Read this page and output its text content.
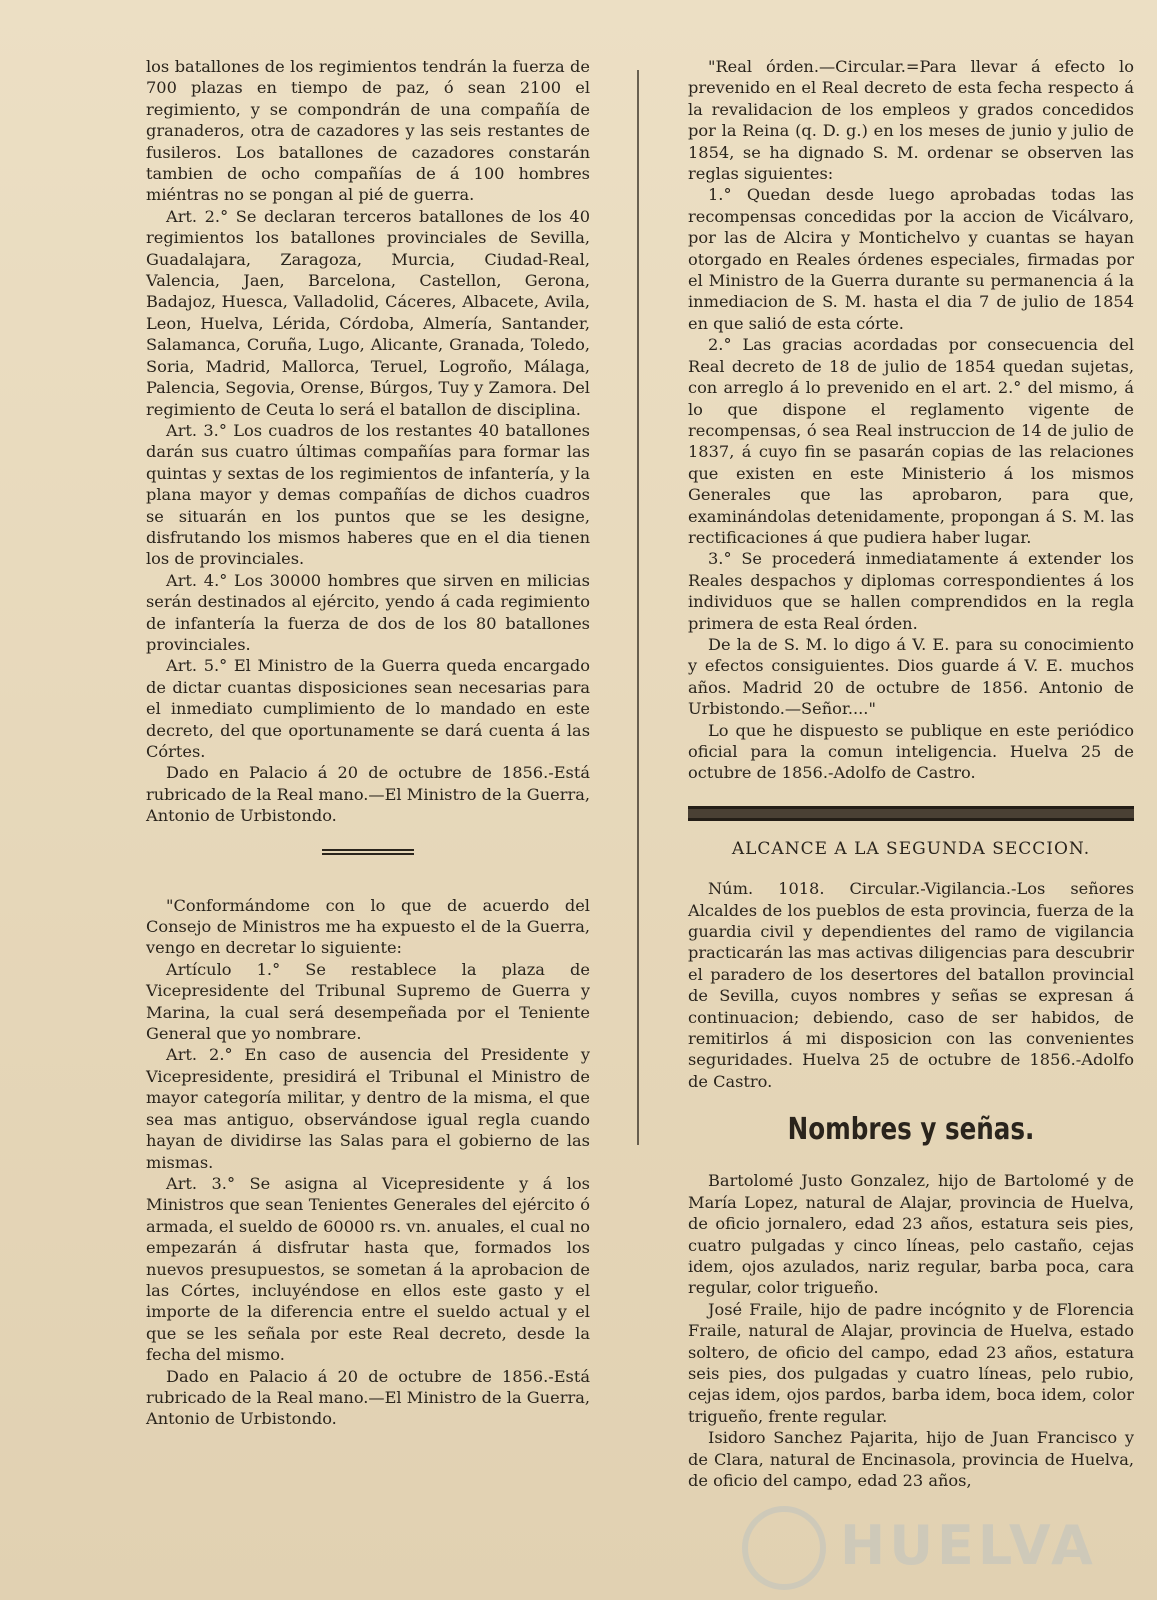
los batallones de los regimientos tendrán la fuerza de 700 plazas en tiempo de paz, ó sean 2100 el regimiento, y se compondrán de una compañía de granaderos, otra de cazadores y las seis restantes de fusileros. Los batallones de cazadores constarán tambien de ocho compañías de á 100 hombres miéntras no se pongan al pié de guerra.

Art. 2.° Se declaran terceros batallones de los 40 regimientos los batallones provinciales de Sevilla, Guadalajara, Zaragoza, Murcia, Ciudad-Real, Valencia, Jaen, Barcelona, Castellon, Gerona, Badajoz, Huesca, Valladolid, Cáceres, Albacete, Avila, Leon, Huelva, Lérida, Córdoba, Almería, Santander, Salamanca, Coruña, Lugo, Alicante, Granada, Toledo, Soria, Madrid, Mallorca, Teruel, Logroño, Málaga, Palencia, Segovia, Orense, Búrgos, Tuy y Zamora. Del regimiento de Ceuta lo será el batallon de disciplina.

Art. 3.° Los cuadros de los restantes 40 batallones darán sus cuatro últimas compañías para formar las quintas y sextas de los regimientos de infantería, y la plana mayor y demas compañías de dichos cuadros se situarán en los puntos que se les designe, disfrutando los mismos haberes que en el dia tienen los de provinciales.

Art. 4.° Los 30000 hombres que sirven en milicias serán destinados al ejército, yendo á cada regimiento de infantería la fuerza de dos de los 80 batallones provinciales.

Art. 5.° El Ministro de la Guerra queda encargado de dictar cuantas disposiciones sean necesarias para el inmediato cumplimiento de lo mandado en este decreto, del que oportunamente se dará cuenta á las Córtes.

Dado en Palacio á 20 de octubre de 1856.-Está rubricado de la Real mano.—El Ministro de la Guerra, Antonio de Urbistondo.

"Conformándome con lo que de acuerdo del Consejo de Ministros me ha expuesto el de la Guerra, vengo en decretar lo siguiente:

Artículo 1.° Se restablece la plaza de Vicepresidente del Tribunal Supremo de Guerra y Marina, la cual será desempeñada por el Teniente General que yo nombrare.

Art. 2.° En caso de ausencia del Presidente y Vicepresidente, presidirá el Tribunal el Ministro de mayor categoría militar, y dentro de la misma, el que sea mas antiguo, observándose igual regla cuando hayan de dividirse las Salas para el gobierno de las mismas.

Art. 3.° Se asigna al Vicepresidente y á los Ministros que sean Tenientes Generales del ejército ó armada, el sueldo de 60000 rs. vn. anuales, el cual no empezarán á disfrutar hasta que, formados los nuevos presupuestos, se sometan á la aprobacion de las Córtes, incluyéndose en ellos este gasto y el importe de la diferencia entre el sueldo actual y el que se les señala por este Real decreto, desde la fecha del mismo.

Dado en Palacio á 20 de octubre de 1856.-Está rubricado de la Real mano.—El Ministro de la Guerra, Antonio de Urbistondo.

"Real órden.—Circular.=Para llevar á efecto lo prevenido en el Real decreto de esta fecha respecto á la revalidacion de los empleos y grados concedidos por la Reina (q. D. g.) en los meses de junio y julio de 1854, se ha dignado S. M. ordenar se observen las reglas siguientes:

1.° Quedan desde luego aprobadas todas las recompensas concedidas por la accion de Vicálvaro, por las de Alcira y Montichelvo y cuantas se hayan otorgado en Reales órdenes especiales, firmadas por el Ministro de la Guerra durante su permanencia á la inmediacion de S. M. hasta el dia 7 de julio de 1854 en que salió de esta córte.

2.° Las gracias acordadas por consecuencia del Real decreto de 18 de julio de 1854 quedan sujetas, con arreglo á lo prevenido en el art. 2.° del mismo, á lo que dispone el reglamento vigente de recompensas, ó sea Real instruccion de 14 de julio de 1837, á cuyo fin se pasarán copias de las relaciones que existen en este Ministerio á los mismos Generales que las aprobaron, para que, examinándolas detenidamente, propongan á S. M. las rectificaciones á que pudiera haber lugar.

3.° Se procederá inmediatamente á extender los Reales despachos y diplomas correspondientes á los individuos que se hallen comprendidos en la regla primera de esta Real órden.

De la de S. M. lo digo á V. E. para su conocimiento y efectos consiguientes. Dios guarde á V. E. muchos años. Madrid 20 de octubre de 1856. Antonio de Urbistondo.—Señor...."

Lo que he dispuesto se publique en este periódico oficial para la comun inteligencia. Huelva 25 de octubre de 1856.-Adolfo de Castro.

ALCANCE A LA SEGUNDA SECCION.

Núm. 1018. Circular.-Vigilancia.-Los señores Alcaldes de los pueblos de esta provincia, fuerza de la guardia civil y dependientes del ramo de vigilancia practicarán las mas activas diligencias para descubrir el paradero de los desertores del batallon provincial de Sevilla, cuyos nombres y señas se expresan á continuacion; debiendo, caso de ser habidos, de remitirlos á mi disposicion con las convenientes seguridades. Huelva 25 de octubre de 1856.-Adolfo de Castro.

Nombres y señas.

Bartolomé Justo Gonzalez, hijo de Bartolomé y de María Lopez, natural de Alajar, provincia de Huelva, de oficio jornalero, edad 23 años, estatura seis pies, cuatro pulgadas y cinco líneas, pelo castaño, cejas idem, ojos azulados, nariz regular, barba poca, cara regular, color trigueño.

José Fraile, hijo de padre incógnito y de Florencia Fraile, natural de Alajar, provincia de Huelva, estado soltero, de oficio del campo, edad 23 años, estatura seis pies, dos pulgadas y cuatro líneas, pelo rubio, cejas idem, ojos pardos, barba idem, boca idem, color trigueño, frente regular.

Isidoro Sanchez Pajarita, hijo de Juan Francisco y de Clara, natural de Encinasola, provincia de Huelva, de oficio del campo, edad 23 años,

HUELVA
